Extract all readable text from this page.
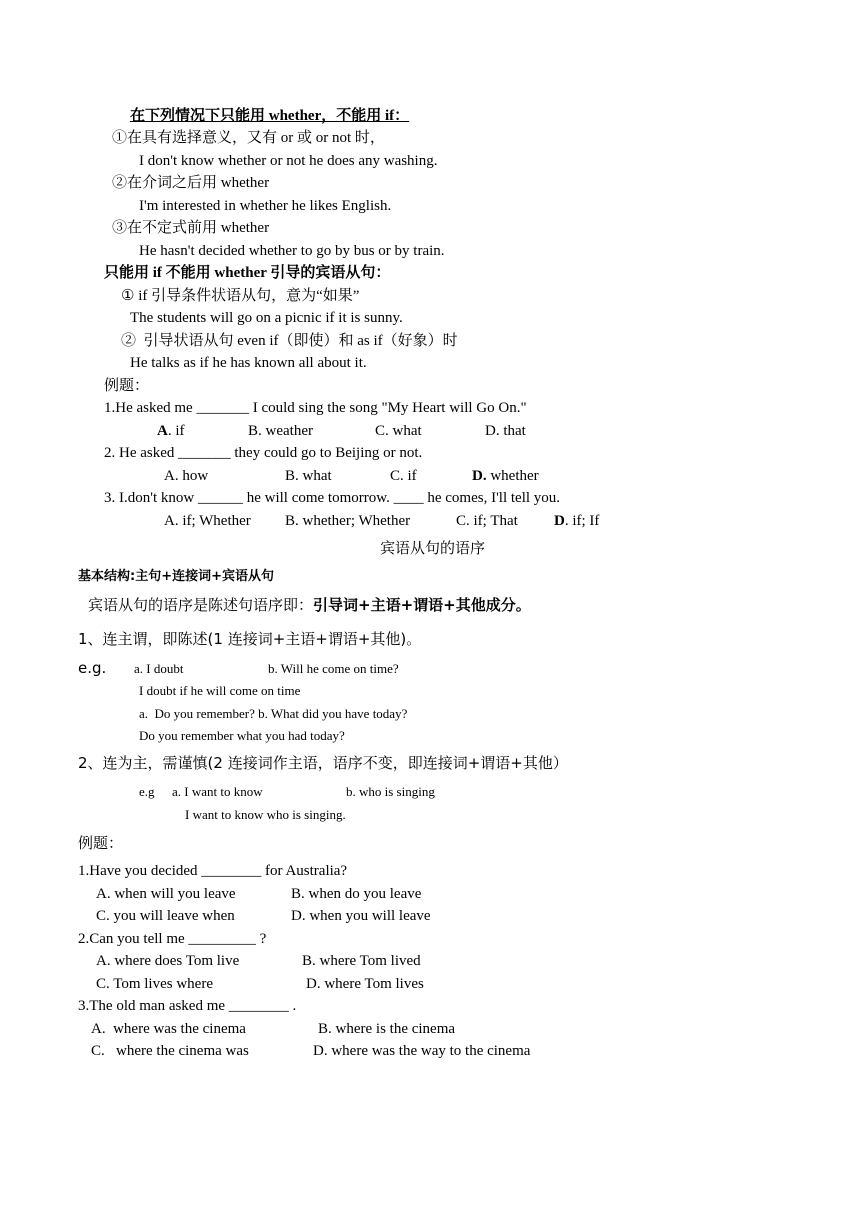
在下列情况下只能用 whether，不能用 if：
①在具有选择意义，又有 or 或 or not 时，
I don't know whether or not he does any washing.
②在介词之后用 whether
I'm interested in whether he likes English.
③在不定式前用 whether
He hasn't decided whether to go by bus or by train.
只能用 if 不能用 whether 引导的宾语从句：
① if 引导条件状语从句，意为“如果”
The students will go on a picnic if it is sunny.
②  引导状语从句 even if（即使）和 as if（好象）时
He talks as if he has known all about it.
例题：
1.He asked me _______ I could sing the song "My Heart will Go On."
A. if	B. weather	C. what	D. that
2. He asked _______ they could go to Beijing or not.
A. how	B. what	C. if	D. whether
3. I.don't know ______ he will come tomorrow. ____ he comes, I'll tell you.
A. if; Whether B. whether; Whether	C. if; That D. if; If
宾语从句的语序
基本结构:主句+连接词+宾语从句
宾语从句的语序是陈述句语序即：引导词+主语+谓语+其他成分。
1、连主谓，即陈述(1 连接词+主语+谓语+其他)。
e.g. a. I doubt	b. Will he come on time?
I doubt if he will come on time
a.  Do you remember? b. What did you have today?
Do you remember what you had today?
2、连为主，需谨慎(2 连接词作主语，语序不变，即连接词+谓语+其他）
e.g a. I want to know	b. who is singing
I want to know who is singing.
例题：
1.Have you decided ________ for Australia?
A. when will you leave	B. when do you leave
C. you will leave when	D. when you will leave
2.Can you tell me _________ ?
A. where does Tom live	B. where Tom lived
C. Tom lives where	D. where Tom lives
3.The old man asked me ________ .
A.  where was the cinema	B. where is the cinema
C.   where the cinema was	D. where was the way to the cinema
